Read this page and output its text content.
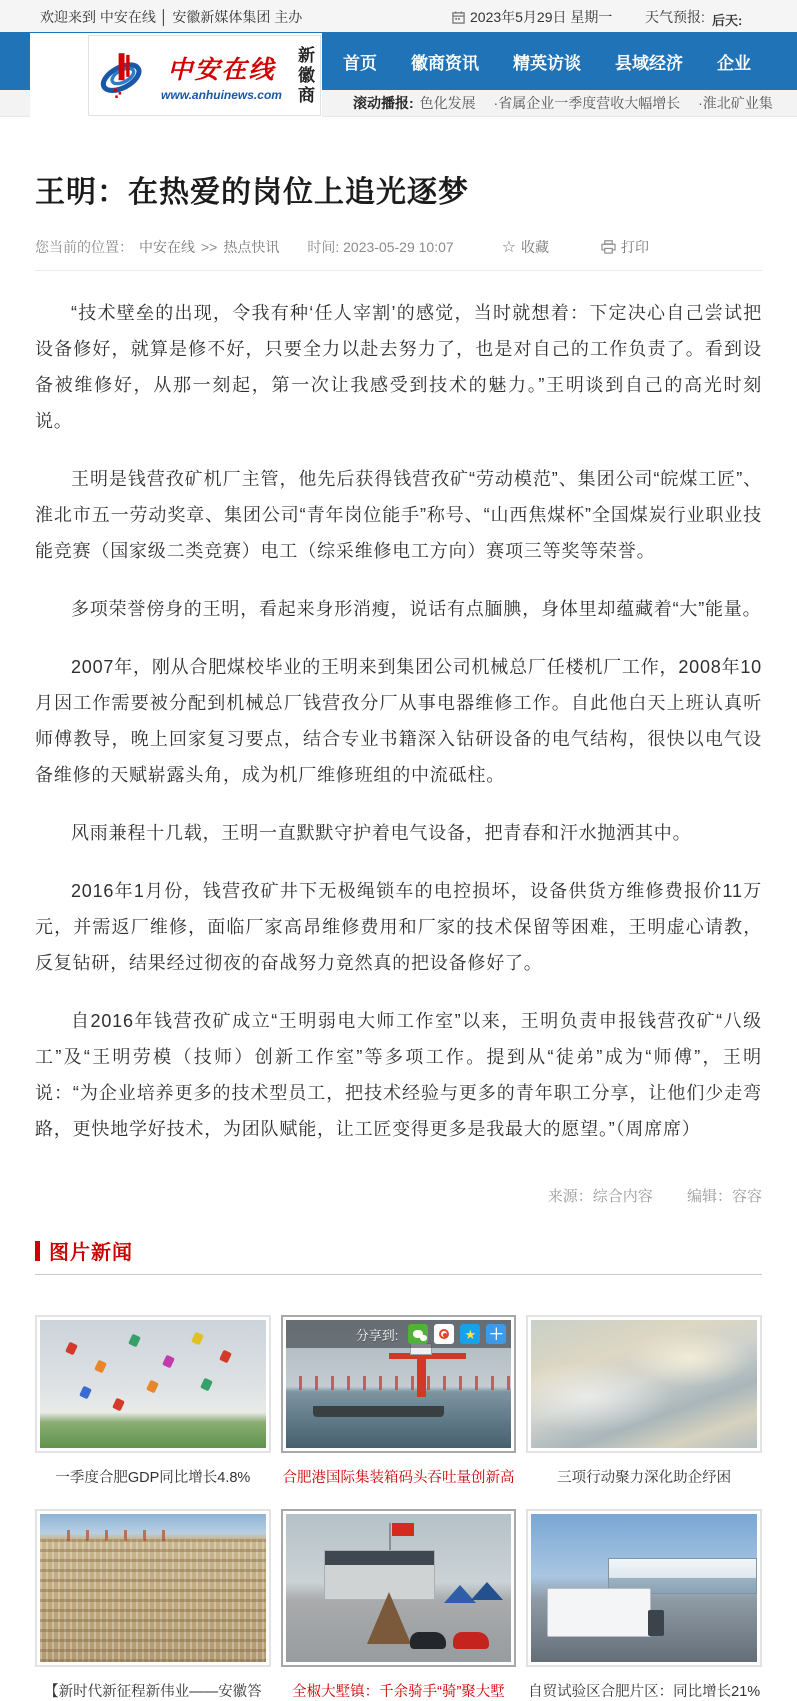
欢迎来到 中安在线 │ 安徽新媒体集团 主办	2023年5月29日 星期一 天气预报: 后天:
首页	徽商资讯	精英访谈	县域经济	企业
滚动播报: 色化发展　 ·省属企业一季度营收大幅增长　 ·淮北矿业集
中安在线
www.anhuinews.com 新徽商
王明：在热爱的岗位上追光逐梦
您当前的位置： 中安在线 >> 热点快讯 时间: 2023-05-29 10:07	☆ 收藏	打印

“技术壁垒的出现，令我有种‘任人宰割’的感觉，当时就想着：下定决心自己尝试把设备修好，就算是修不好，只要全力以赴去努力了，也是对自己的工作负责了。看到设备被维修好，从那一刻起，第一次让我感受到技术的魅力。”王明谈到自己的高光时刻说。

王明是钱营孜矿机厂主管，他先后获得钱营孜矿“劳动模范”、集团公司“皖煤工匠”、淮北市五一劳动奖章、集团公司“青年岗位能手”称号、“山西焦煤杯”全国煤炭行业职业技能竞赛（国家级二类竞赛）电工（综采维修电工方向）赛项三等奖等荣誉。

多项荣誉傍身的王明，看起来身形消瘦，说话有点腼腆，身体里却蕴藏着“大”能量。

2007年，刚从合肥煤校毕业的王明来到集团公司机械总厂任楼机厂工作，2008年10月因工作需要被分配到机械总厂钱营孜分厂从事电器维修工作。自此他白天上班认真听师傅教导，晚上回家复习要点，结合专业书籍深入钻研设备的电气结构，很快以电气设备维修的天赋崭露头角，成为机厂维修班组的中流砥柱。

风雨兼程十几载，王明一直默默守护着电气设备，把青春和汗水抛洒其中。

2016年1月份，钱营孜矿井下无极绳锁车的电控损坏，设备供货方维修费报价11万元，并需返厂维修，面临厂家高昂维修费用和厂家的技术保留等困难，王明虚心请教，反复钻研，结果经过彻夜的奋战努力竟然真的把设备修好了。

自2016年钱营孜矿成立“王明弱电大师工作室”以来，王明负责申报钱营孜矿“八级工”及“王明劳模（技师）创新工作室”等多项工作。提到从“徒弟”成为“师傅”，王明说：“为企业培养更多的技术型员工，把技术经验与更多的青年职工分享，让他们少走弯路，更快地学好技术，为团队赋能，让工匠变得更多是我最大的愿望。”（周席席）

来源：综合内容 编辑：容容
图片新闻
一季度合肥GDP同比增长4.8%
分享到:	★ ＋
合肥港国际集装箱码头吞吐量创新高	三项行动聚力深化助企纾困
【新时代新征程新伟业——安徽答	全椒大墅镇：千余骑手“骑”聚大墅	自贸试验区合肥片区：同比增长21%
